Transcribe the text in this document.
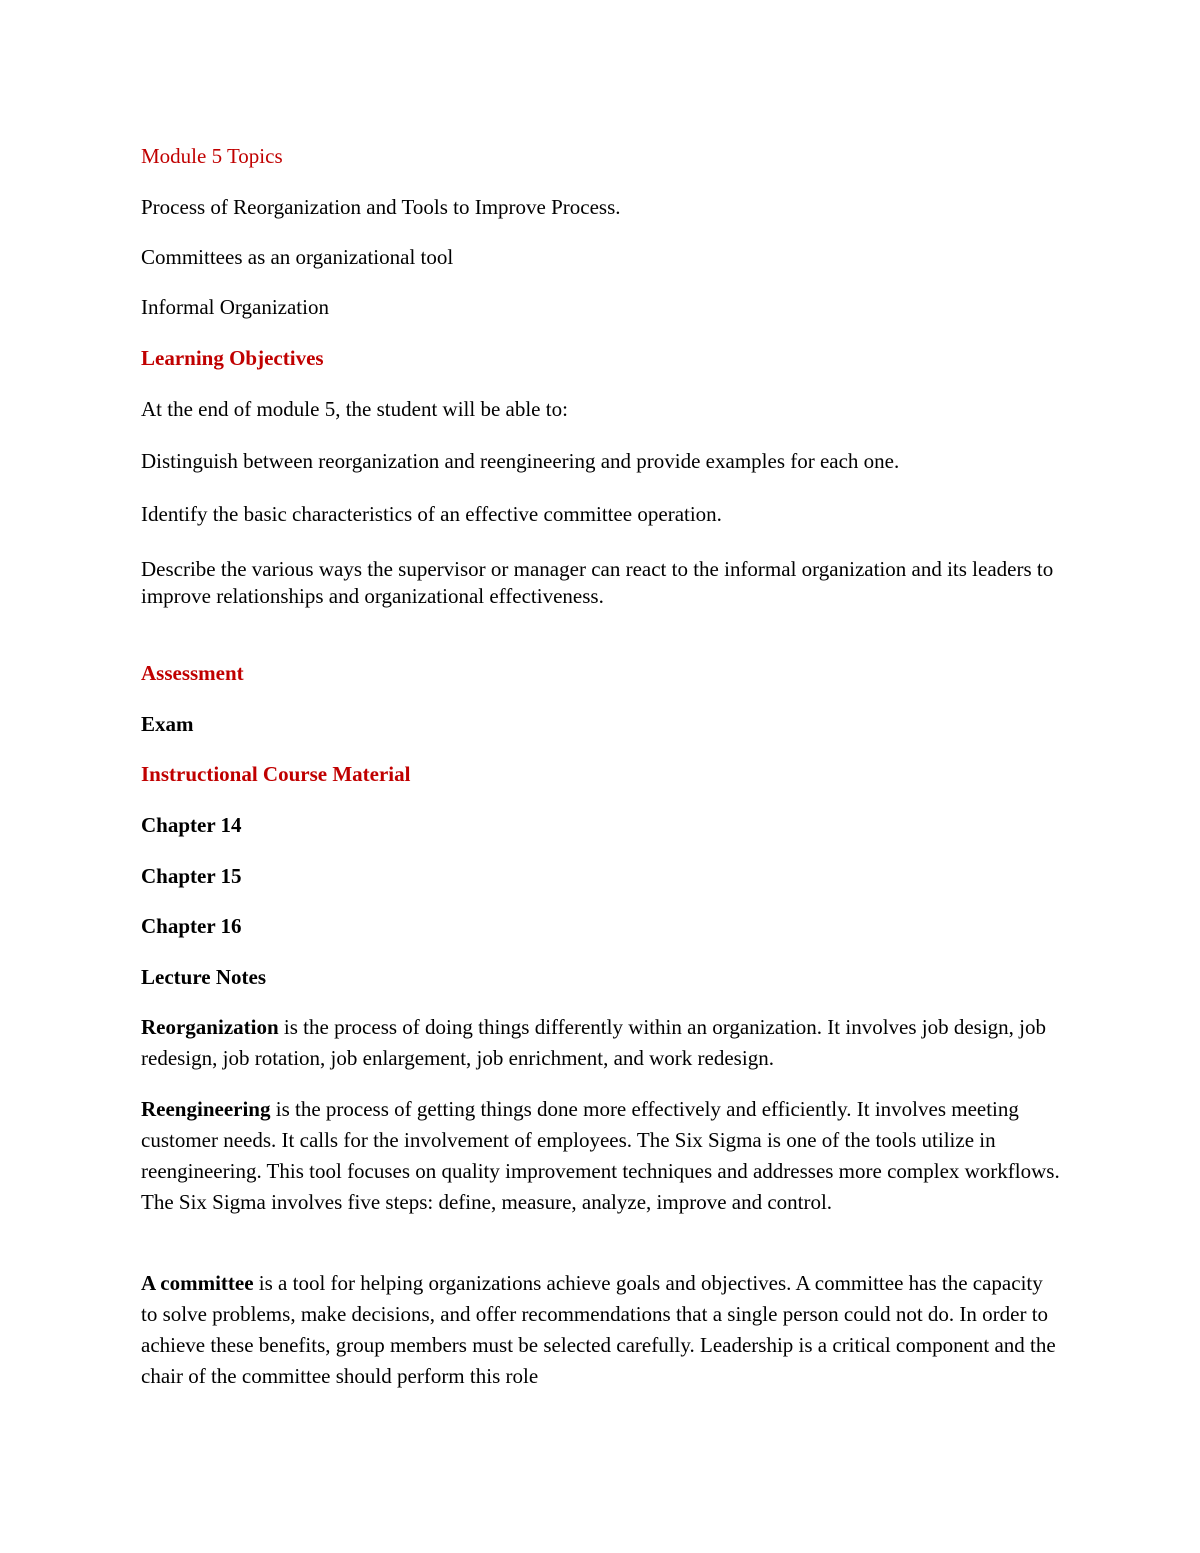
Module 5 Topics

Process of Reorganization and Tools to Improve Process.

Committees as an organizational tool

Informal Organization

Learning Objectives

At the end of module 5, the student will be able to:

Distinguish between reorganization and reengineering and provide examples for each one.

Identify the basic characteristics of an effective committee operation.

Describe the various ways the supervisor or manager can react to the informal organization and its leaders to improve relationships and organizational effectiveness.

Assessment

Exam

Instructional Course Material

Chapter 14

Chapter 15

Chapter 16

Lecture Notes

Reorganization is the process of doing things differently within an organization. It involves job design, job redesign, job rotation, job enlargement, job enrichment, and work redesign.

Reengineering is the process of getting things done more effectively and efficiently. It involves meeting customer needs. It calls for the involvement of employees. The Six Sigma is one of the tools utilize in reengineering. This tool focuses on quality improvement techniques and addresses more complex workflows. The Six Sigma involves five steps: define, measure, analyze, improve and control.

A committee is a tool for helping organizations achieve goals and objectives. A committee has the capacity to solve problems, make decisions, and offer recommendations that a single person could not do. In order to achieve these benefits, group members must be selected carefully. Leadership is a critical component and the chair of the committee should perform this role
